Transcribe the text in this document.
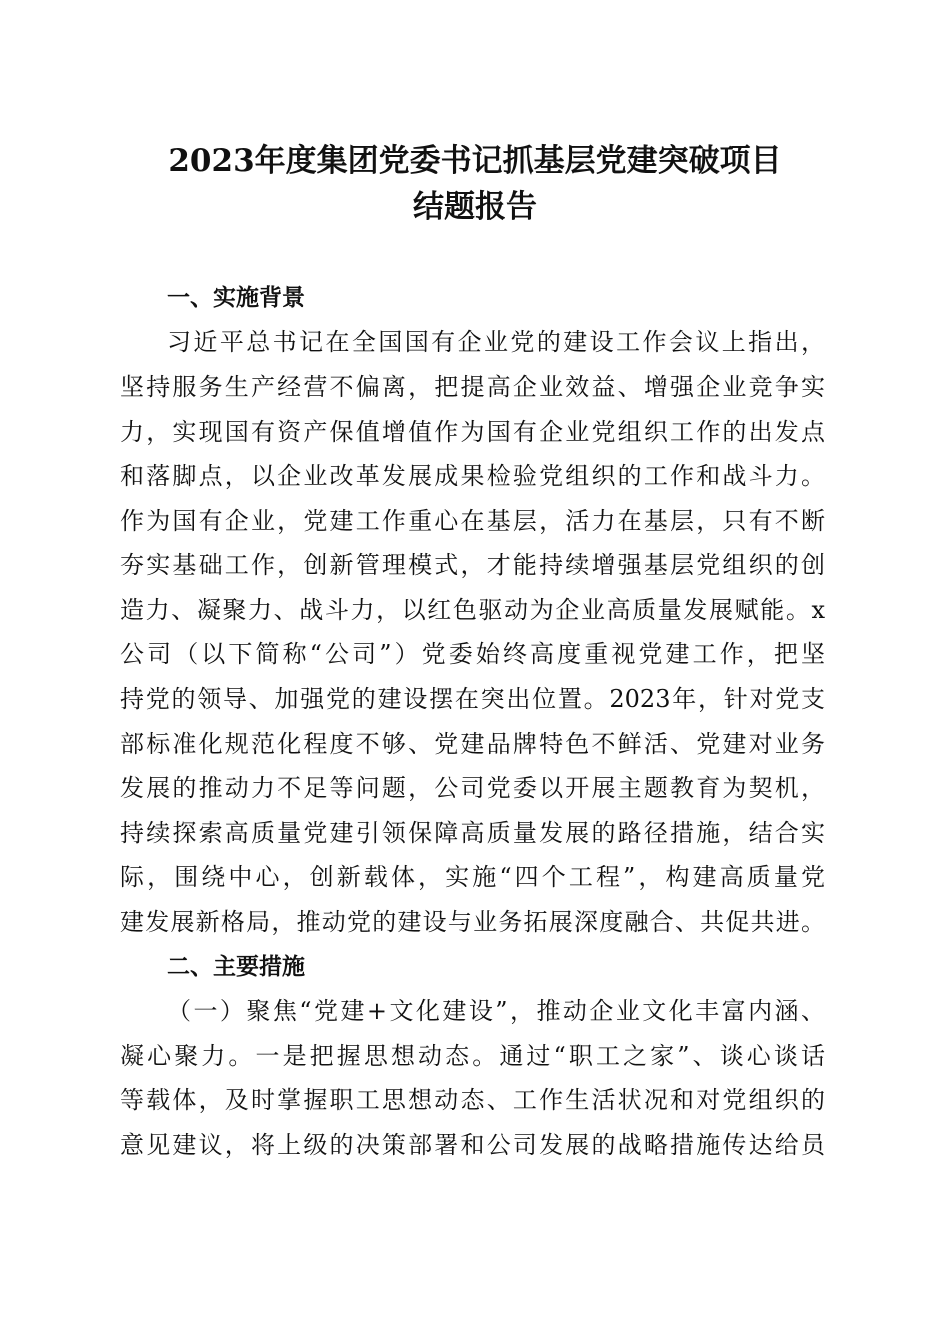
2023年度集团党委书记抓基层党建突破项目
结题报告
一、实施背景
习近平总书记在全国国有企业党的建设工作会议上指出，
坚持服务生产经营不偏离，把提高企业效益、增强企业竞争实
力，实现国有资产保值增值作为国有企业党组织工作的出发点
和落脚点，以企业改革发展成果检验党组织的工作和战斗力。
作为国有企业，党建工作重心在基层，活力在基层，只有不断
夯实基础工作，创新管理模式，才能持续增强基层党组织的创
造力、凝聚力、战斗力，以红色驱动为企业高质量发展赋能。x
公司（以下简称“公司”）党委始终高度重视党建工作，把坚
持党的领导、加强党的建设摆在突出位置。2023年，针对党支
部标准化规范化程度不够、党建品牌特色不鲜活、党建对业务
发展的推动力不足等问题，公司党委以开展主题教育为契机，
持续探索高质量党建引领保障高质量发展的路径措施，结合实
际，围绕中心，创新载体，实施“四个工程”，构建高质量党
建发展新格局，推动党的建设与业务拓展深度融合、共促共进。
二、主要措施
（一）聚焦“党建+文化建设”，推动企业文化丰富内涵、
凝心聚力。一是把握思想动态。通过“职工之家”、谈心谈话
等载体，及时掌握职工思想动态、工作生活状况和对党组织的
意见建议，将上级的决策部署和公司发展的战略措施传达给员
